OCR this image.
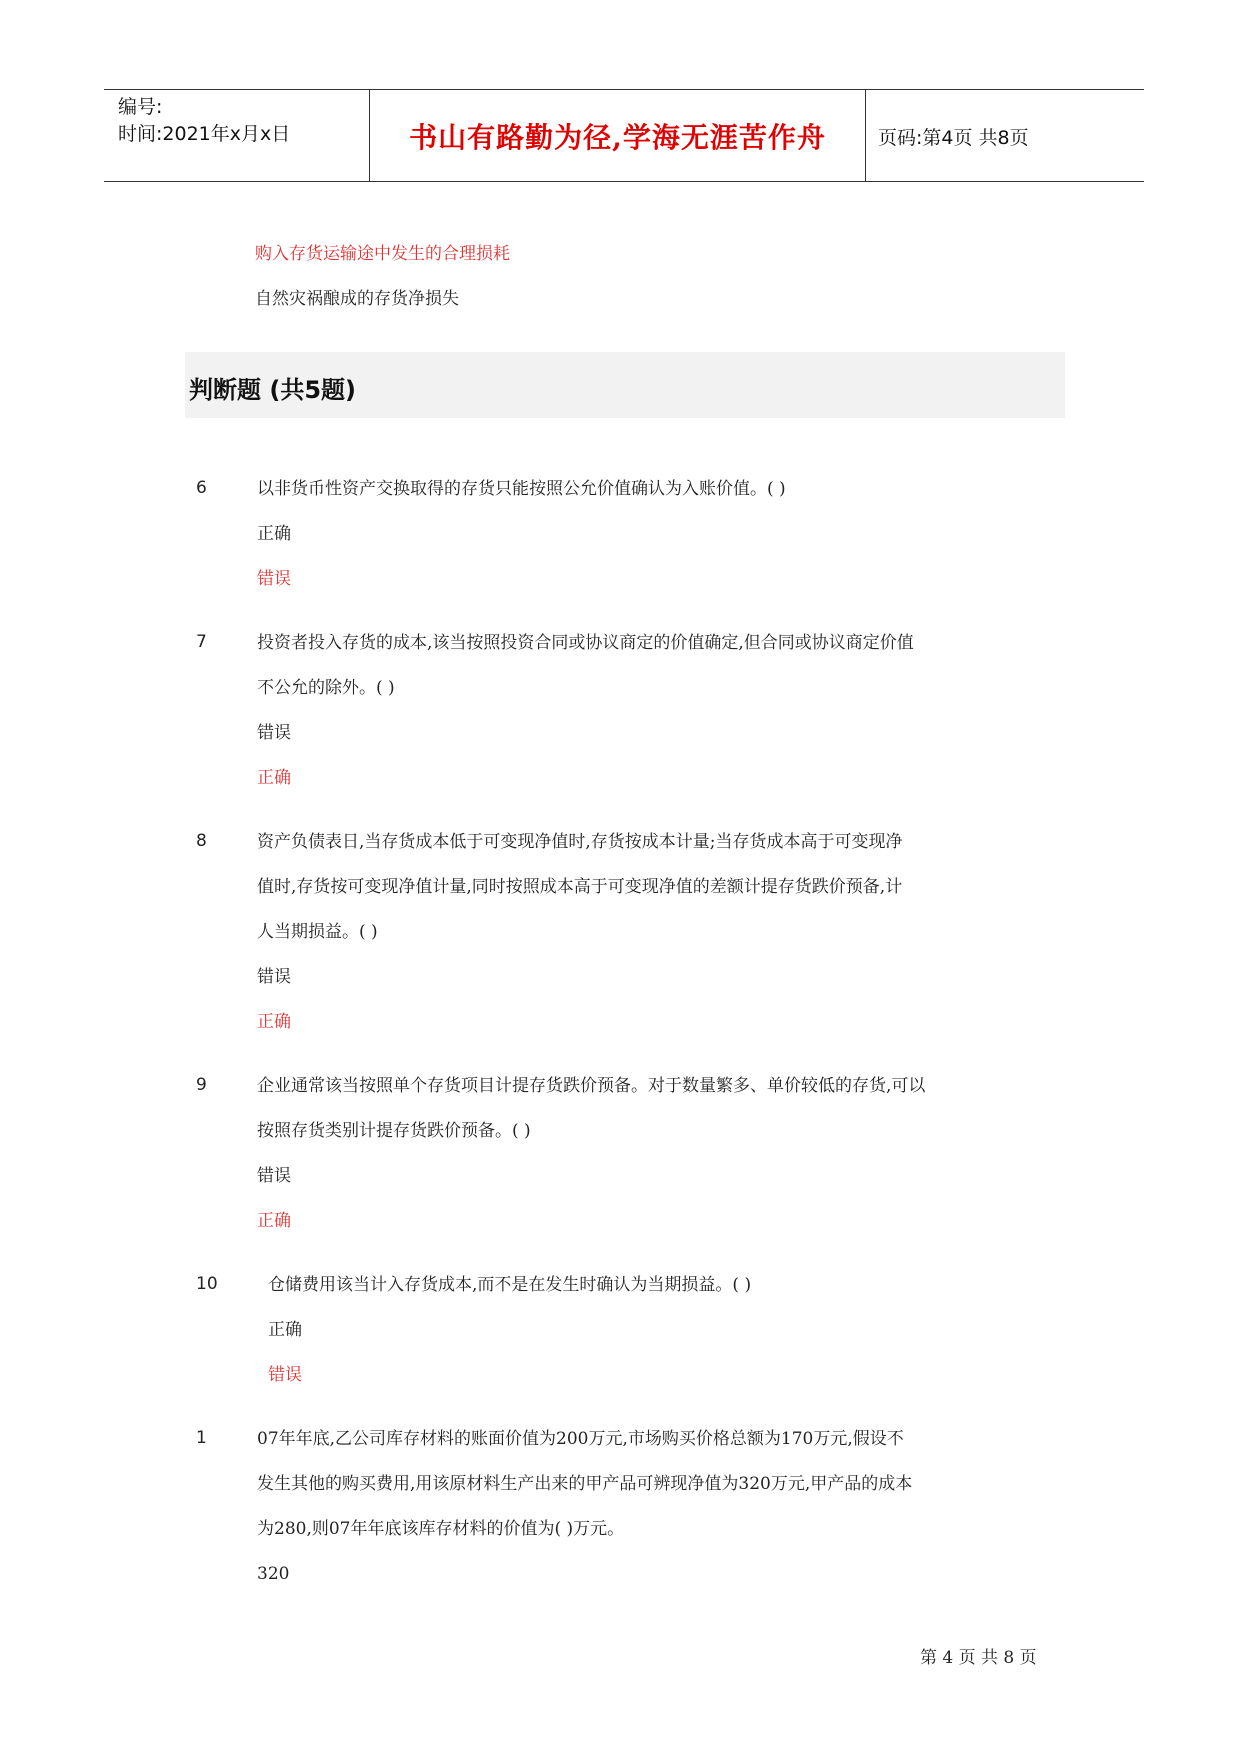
编号:
时间:2021年x月x日	书山有路勤为径,学海无涯苦作舟	页码:第4页 共8页
购入存货运输途中发生的合理损耗
自然灾祸酿成的存货净损失
判断题 (共5题)
6	以非货币性资产交换取得的存货只能按照公允价值确认为入账价值。( )
正确
错误
7	投资者投入存货的成本,该当按照投资合同或协议商定的价值确定,但合同或协议商定价值
不公允的除外。( )
错误
正确
8	资产负债表日,当存货成本低于可变现净值时,存货按成本计量;当存货成本高于可变现净
值时,存货按可变现净值计量,同时按照成本高于可变现净值的差额计提存货跌价预备,计
人当期损益。( )
错误
正确
9	企业通常该当按照单个存货项目计提存货跌价预备。对于数量繁多、单价较低的存货,可以
按照存货类别计提存货跌价预备。( )
错误
正确
10	仓储费用该当计入存货成本,而不是在发生时确认为当期损益。( )
正确
错误
1	07年年底,乙公司库存材料的账面价值为200万元,市场购买价格总额为170万元,假设不
发生其他的购买费用,用该原材料生产出来的甲产品可辨现净值为320万元,甲产品的成本
为280,则07年年底该库存材料的价值为( )万元。
320
第 4 页 共 8 页
